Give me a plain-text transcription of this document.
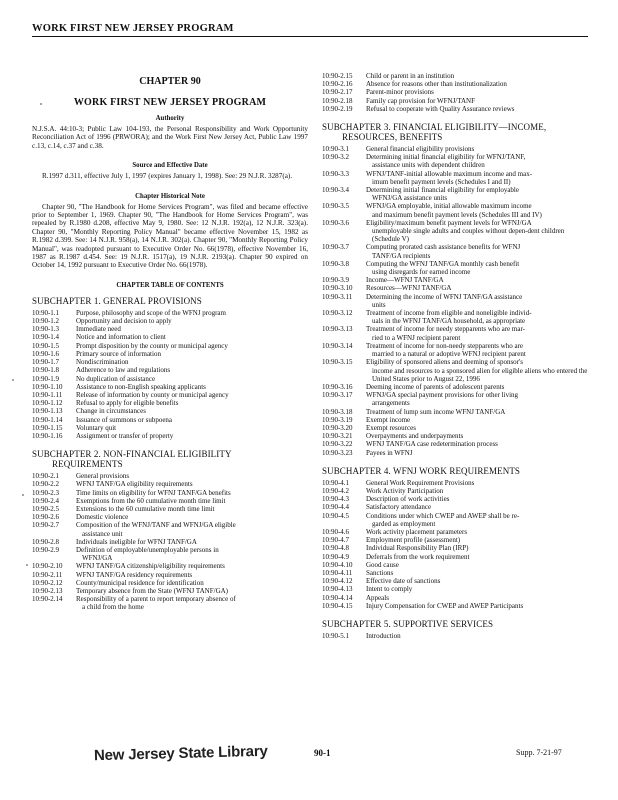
WORK FIRST NEW JERSEY PROGRAM
CHAPTER 90
WORK FIRST NEW JERSEY PROGRAM
Authority

N.J.S.A. 44:10-3; Public Law 104-193, the Personal Responsibility and Work Opportunity Reconciliation Act of 1996 (PRWORA); and the Work First New Jersey Act, Public Law 1997 c.13, c.14, c.37 and c.38.

Source and Effective Date

R.1997 d.311, effective July 1, 1997 (expires January 1, 1998). See: 29 N.J.R. 3287(a).

Chapter Historical Note

Chapter 90, "The Handbook for Home Services Program", was filed and became effective prior to September 1, 1969. Chapter 90, "The Handbook for Home Services Program", was repealed by R.1980 d.208, effective May 9, 1980. See: 12 N.J.R. 192(a), 12 N.J.R. 323(a). Chapter 90, "Monthly Reporting Policy Manual" became effective November 15, 1982 as R.1982 d.399. See: 14 N.J.R. 958(a), 14 N.J.R. 302(a). Chapter 90, "Monthly Reporting Policy Manual", was readopted pursuant to Executive Order No. 66(1978), effective November 16, 1987 as R.1987 d.454. See: 19 N.J.R. 1517(a), 19 N.J.R. 2193(a). Chapter 90 expired on October 14, 1992 pursuant to Executive Order No. 66(1978).

CHAPTER TABLE OF CONTENTS
SUBCHAPTER 1. GENERAL PROVISIONS
10:90-1.1	Purpose, philosophy and scope of the WFNJ program
10:90-1.2	Opportunity and decision to apply
10:90-1.3	Immediate need
10:90-1.4	Notice and information to client
10:90-1.5	Prompt disposition by the county or municipal agency
10:90-1.6	Primary source of information
10:90-1.7	Nondiscrimination
10:90-1.8	Adherence to law and regulations
10:90-1.9	No duplication of assistance
10:90-1.10	Assistance to non-English speaking applicants
10:90-1.11	Release of information by county or municipal agency
10:90-1.12	Refusal to apply for eligible benefits
10:90-1.13	Change in circumstances
10:90-1.14	Issuance of summons or subpoena
10:90-1.15	Voluntary quit
10:90-1.16	Assignment or transfer of property
SUBCHAPTER 2. NON-FINANCIAL ELIGIBILITY
REQUIREMENTS
10:90-2.1	General provisions
10:90-2.2	WFNJ TANF/GA eligibility requirements
10:90-2.3	Time limits on eligibility for WFNJ TANF/GA benefits
10:90-2.4	Exemptions from the 60 cumulative month time limit
10:90-2.5	Extensions to the 60 cumulative month time limit
10:90-2.6	Domestic violence
10:90-2.7	Composition of the WFNJ/TANF and WFNJ/GA eligible
assistance unit
10:90-2.8	Individuals ineligible for WFNJ TANF/GA
10:90-2.9	Definition of employable/unemployable persons in
WFNJ/GA
10:90-2.10	WFNJ TANF/GA citizenship/eligibility requirements
10:90-2.11	WFNJ TANF/GA residency requirements
10:90-2.12	County/municipal residence for identification
10:90-2.13	Temporary absence from the State (WFNJ TANF/GA)
10:90-2.14	Responsibility of a parent to report temporary absence of
a child from the home
10:90-2.15	Child or parent in an institution
10:90-2.16	Absence for reasons other than institutionalization
10:90-2.17	Parent-minor provisions
10:90-2.18	Family cap provision for WFNJ/TANF
10:90-2.19	Refusal to cooperate with Quality Assurance reviews
SUBCHAPTER 3. FINANCIAL ELIGIBILITY—INCOME,
RESOURCES, BENEFITS
10:90-3.1	General financial eligibility provisions
10:90-3.2	Determining initial financial eligibility for WFNJ/TANF,
assistance units with dependent children
10:90-3.3	WFNJ/TANF-initial allowable maximum income and max-
imum benefit payment levels (Schedules I and II)
10:90-3.4	Determining initial financial eligibility for employable
WFNJ/GA assistance units
10:90-3.5	WFNJ/GA employable, initial allowable maximum income
and maximum benefit payment levels (Schedules III and IV)
10:90-3.6	Eligibility/maximum benefit payment levels for WFNJ/GA
unemployable single adults and couples without depen-dent children (Schedule V)
10:90-3.7	Computing prorated cash assistance benefits for WFNJ
TANF/GA recipients
10:90-3.8	Computing the WFNJ TANF/GA monthly cash benefit
using disregards for earned income
10:90-3.9	Income—WFNJ TANF/GA
10:90-3.10	Resources—WFNJ TANF/GA
10:90-3.11	Determining the income of WFNJ TANF/GA assistance
units
10:90-3.12	Treatment of income from eligible and noneligible individ-
uals in the WFNJ TANF/GA household, as appropriate
10:90-3.13	Treatment of income for needy stepparents who are mar-
ried to a WFNJ recipient parent
10:90-3.14	Treatment of income for non-needy stepparents who are
married to a natural or adoptive WFNJ recipient parent
10:90-3.15	Eligibility of sponsored aliens and deeming of sponsor's
income and resources to a sponsored alien for eligible aliens who entered the United States prior to August 22, 1996
10:90-3.16	Deeming income of parents of adolescent parents
10:90-3.17	WFNJ/GA special payment provisions for other living
arrangements
10:90-3.18	Treatment of lump sum income WFNJ TANF/GA
10:90-3.19	Exempt income
10:90-3.20	Exempt resources
10:90-3.21	Overpayments and underpayments
10:90-3.22	WFNJ TANF/GA case redetermination process
10:90-3.23	Payees in WFNJ
SUBCHAPTER 4. WFNJ WORK REQUIREMENTS
10:90-4.1	General Work Requirement Provisions
10:90-4.2	Work Activity Participation
10:90-4.3	Description of work activities
10:90-4.4	Satisfactory attendance
10:90-4.5	Conditions under which CWEP and AWEP shall be re-
garded as employment
10:90-4.6	Work activity placement parameters
10:90-4.7	Employment profile (assessment)
10:90-4.8	Individual Responsibility Plan (IRP)
10:90-4.9	Deferrals from the work requirement
10:90-4.10	Good cause
10:90-4.11	Sanctions
10:90-4.12	Effective date of sanctions
10:90-4.13	Intent to comply
10:90-4.14	Appeals
10:90-4.15	Injury Compensation for CWEP and AWEP Participants
SUBCHAPTER 5. SUPPORTIVE SERVICES
10:90-5.1	Introduction
New Jersey State Library	90-1	Supp. 7-21-97
